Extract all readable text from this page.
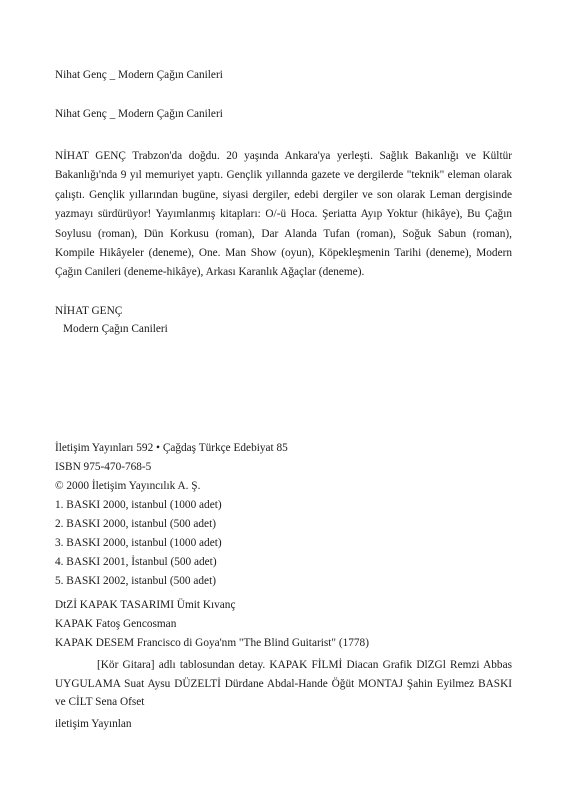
Nihat Genç _ Modern Çağın Canileri
Nihat Genç _ Modern Çağın Canileri
NİHAT GENÇ Trabzon'da doğdu. 20 yaşında Ankara'ya yerleşti. Sağlık Bakanlığı ve Kültür Bakanlığı'nda 9 yıl memuriyet yaptı. Gençlik yıllannda gazete ve dergilerde "teknik" eleman olarak çalıştı. Gençlik yıllarından bugüne, siyasi dergiler, edebi dergiler ve son olarak Leman dergisinde yazmayı sürdürüyor! Yayımlanmış kitapları: O/-ü Hoca. Şeriatta Ayıp Yoktur (hikâye), Bu Çağın Soylusu (roman), Dün Korkusu (roman), Dar Alanda Tufan (roman), Soğuk Sabun (roman), Kompile Hikâyeler (deneme), One. Man Show (oyun), Köpekleşmenin Tarihi (deneme), Modern Çağın Canileri (deneme-hikâye), Arkası Karanlık Ağaçlar (deneme).
NİHAT GENÇ
Modern Çağın Canileri
İletişim Yayınları 592 • Çağdaş Türkçe Edebiyat 85
ISBN 975-470-768-5
© 2000 İletişim Yayıncılık A. Ş.
1. BASKI 2000, istanbul (1000 adet)
2. BASKI 2000, istanbul (500 adet)
3. BASKI 2000, istanbul (1000 adet)
4. BASKI 2001, İstanbul (500 adet)
5. BASKI 2002, istanbul (500 adet)
DtZİ KAPAK TASARIMI Ümit Kıvanç
KAPAK Fatoş Gencosman
KAPAK DESEM Francisco di Goya'nm "The Blind Guitarist" (1778)
[Kör Gitara] adlı tablosundan detay. KAPAK FİLMİ Diacan Grafik DlZGl Remzi Abbas UYGULAMA Suat Aysu DÜZELTİ Dürdane Abdal-Hande Öğüt MONTAJ Şahin Eyilmez BASKI ve CİLT Sena Ofset
iletişim Yayınlan
